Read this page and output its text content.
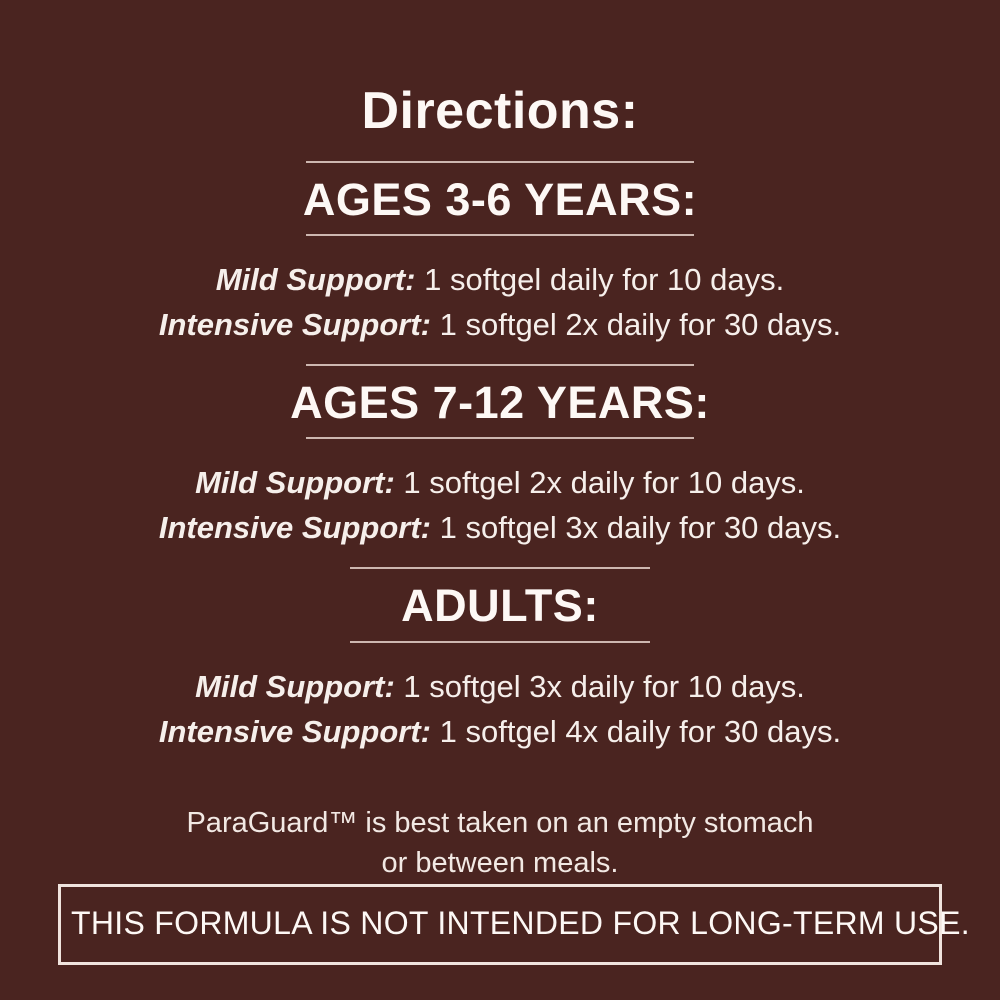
Directions:
AGES 3-6 YEARS:
Mild Support: 1 softgel daily for 10 days.
Intensive Support: 1 softgel 2x daily for 30 days.
AGES 7-12 YEARS:
Mild Support: 1 softgel 2x daily for 10 days.
Intensive Support: 1 softgel 3x daily for 30 days.
ADULTS:
Mild Support: 1 softgel 3x daily for 10 days.
Intensive Support: 1 softgel 4x daily for 30 days.
ParaGuard™ is best taken on an empty stomach or between meals.
THIS FORMULA IS NOT INTENDED FOR LONG-TERM USE.
